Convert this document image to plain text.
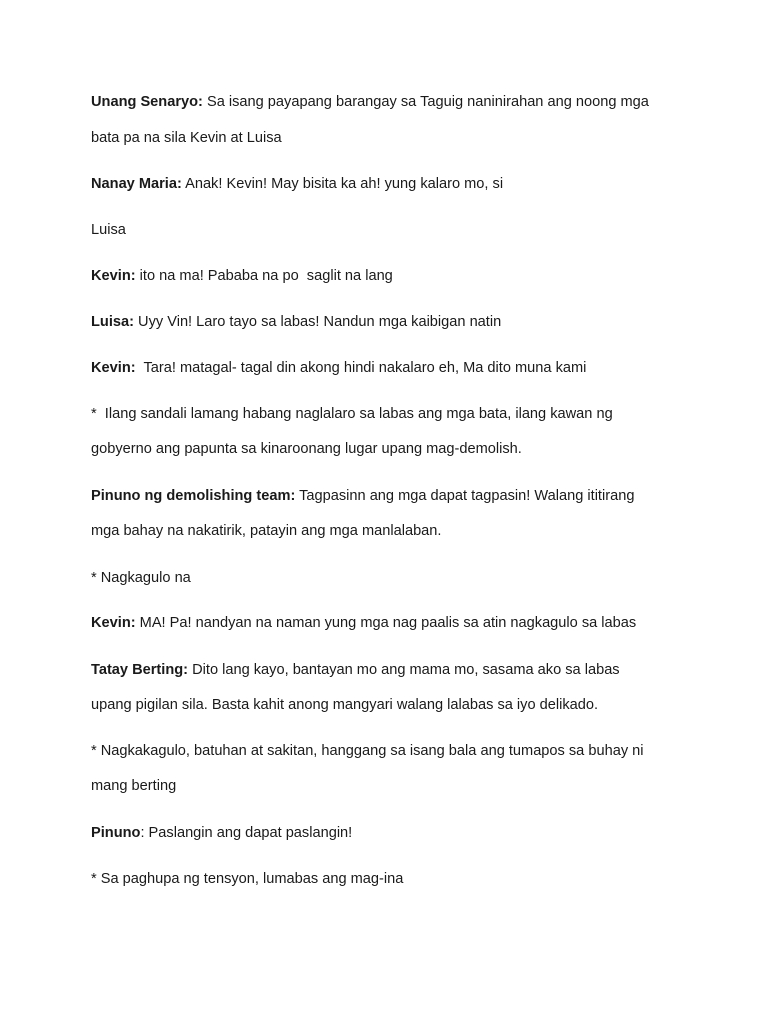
Unang Senaryo: Sa isang payapang barangay sa Taguig naninirahan ang noong mga
bata pa na sila Kevin at Luisa
Nanay Maria: Anak! Kevin! May bisita ka ah! yung kalaro mo, si
Luisa
Kevin: ito na ma! Pababa na po  saglit na lang
Luisa: Uyy Vin! Laro tayo sa labas! Nandun mga kaibigan natin
Kevin:  Tara! matagal- tagal din akong hindi nakalaro eh, Ma dito muna kami
*  Ilang sandali lamang habang naglalaro sa labas ang mga bata, ilang kawan ng
gobyerno ang papunta sa kinaroonang lugar upang mag-demolish.
Pinuno ng demolishing team: Tagpasinn ang mga dapat tagpasin! Walang ititirang
mga bahay na nakatirik, patayin ang mga manlalaban.
* Nagkagulo na
Kevin: MA! Pa! nandyan na naman yung mga nag paalis sa atin nagkagulo sa labas
Tatay Berting: Dito lang kayo, bantayan mo ang mama mo, sasama ako sa labas
upang pigilan sila. Basta kahit anong mangyari walang lalabas sa iyo delikado.
* Nagkakagulo, batuhan at sakitan, hanggang sa isang bala ang tumapos sa buhay ni
mang berting
Pinuno: Paslangin ang dapat paslangin!
* Sa paghupa ng tensyon, lumabas ang mag-ina
